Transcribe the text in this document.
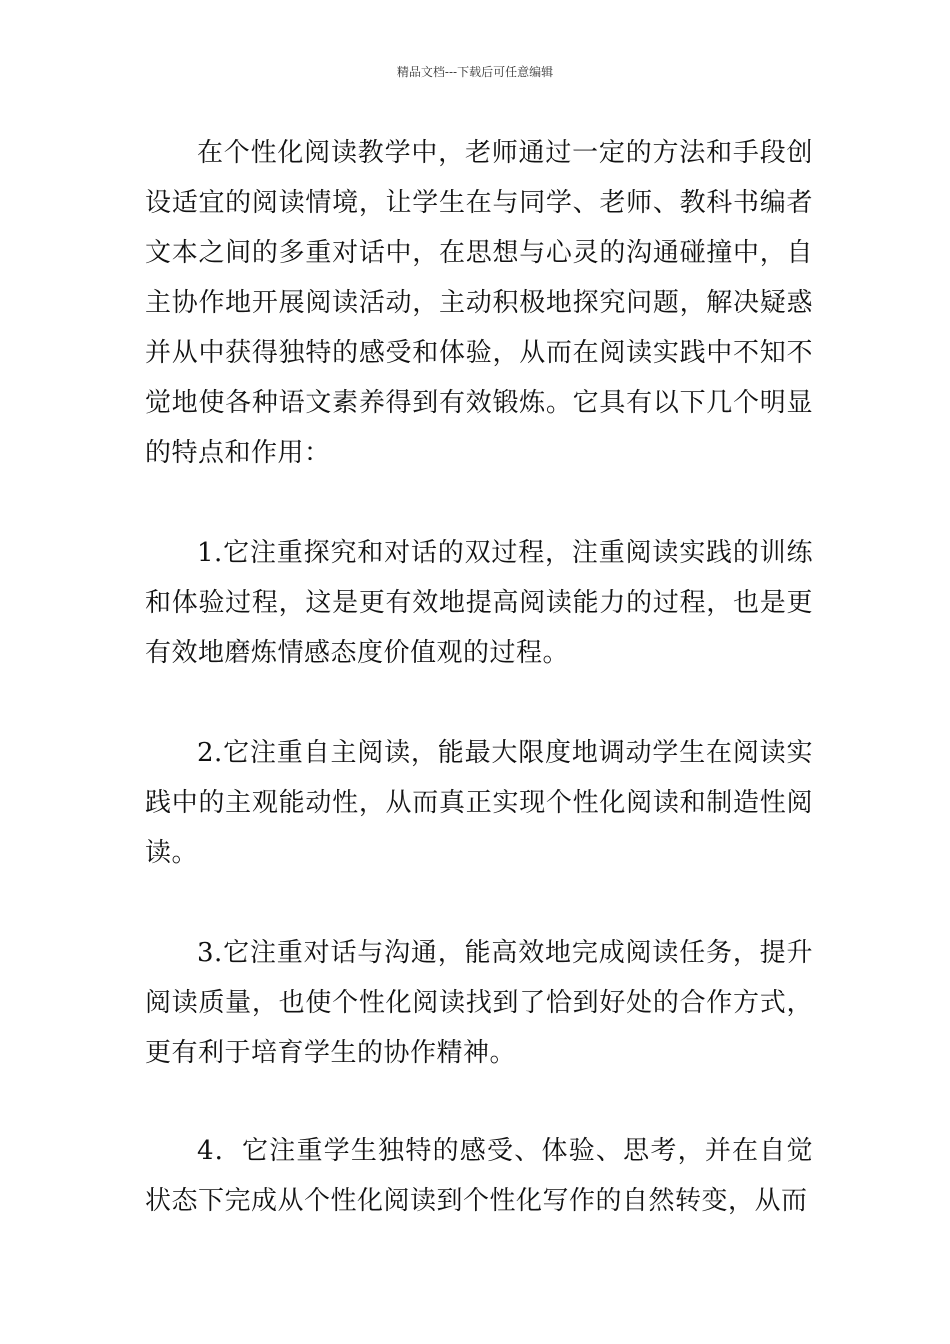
精品文档---下载后可任意编辑

在个性化阅读教学中，老师通过一定的方法和手段创设适宜的阅读情境，让学生在与同学、老师、教科书编者文本之间的多重对话中，在思想与心灵的沟通碰撞中，自主协作地开展阅读活动，主动积极地探究问题，解决疑惑并从中获得独特的感受和体验，从而在阅读实践中不知不觉地使各种语文素养得到有效锻炼。它具有以下几个明显的特点和作用：

1.它注重探究和对话的双过程，注重阅读实践的训练和体验过程，这是更有效地提高阅读能力的过程，也是更有效地磨炼情感态度价值观的过程。

2.它注重自主阅读，能最大限度地调动学生在阅读实践中的主观能动性，从而真正实现个性化阅读和制造性阅读。

3.它注重对话与沟通，能高效地完成阅读任务，提升阅读质量，也使个性化阅读找到了恰到好处的合作方式，更有利于培育学生的协作精神。

4．它注重学生独特的感受、体验、思考，并在自觉状态下完成从个性化阅读到个性化写作的自然转变，从而
